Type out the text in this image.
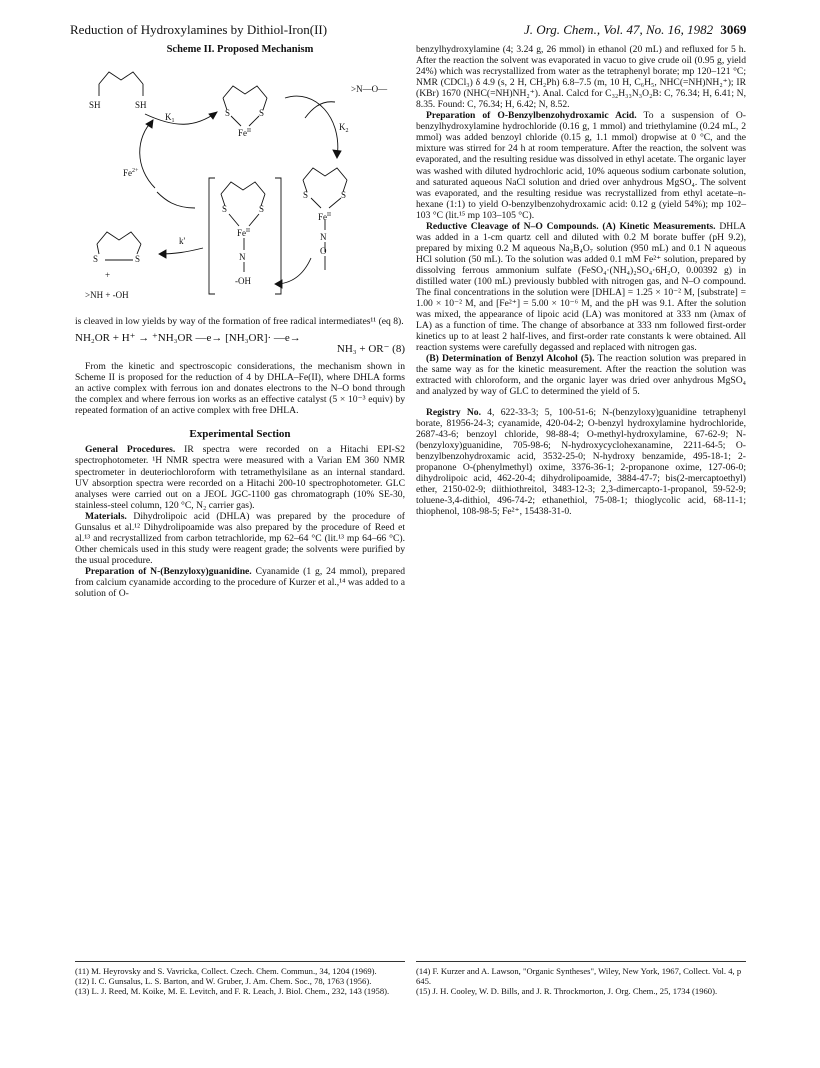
Reduction of Hydroxylamines by Dithiol-Iron(II)	J. Org. Chem., Vol. 47, No. 16, 1982 3069
Scheme II. Proposed Mechanism
SH	SH
$K_1$
S	S
$Fe^{II}$
>N—O—
$K_2$
S	S
$Fe^{II}$
N
O
$Fe^{2+}$
S	S
$Fe^{II}$
N
-OH
k'
S	S
+
>NH + -OH

is cleaved in low yields by way of the formation of free radical intermediates¹¹ (eq 8).

NH₂OR + H⁺ → ⁺NH₃OR —e→ [NH₃OR]· —e→
NH₃ + OR⁻ (8)

From the kinetic and spectroscopic considerations, the mechanism shown in Scheme II is proposed for the reduction of 4 by DHLA–Fe(II), where DHLA forms an active complex with ferrous ion and donates electrons to the N–O bond through the complex and where ferrous ion works as an effective catalyst (5 × 10⁻³ equiv) by repeated formation of an active complex with free DHLA.

Experimental Section

General Procedures. IR spectra were recorded on a Hitachi EPI-S2 spectrophotometer. ¹H NMR spectra were measured with a Varian EM 360 NMR spectrometer in deuteriochloroform with tetramethylsilane as an internal standard. UV absorption spectra were recorded on a Hitachi 200-10 spectrophotometer. GLC analyses were carried out on a JEOL JGC-1100 gas chromatograph (10% SE-30, stainless-steel column, 120 °C, N₂ carrier gas).

Materials. Dihydrolipoic acid (DHLA) was prepared by the procedure of Gunsalus et al.¹² Dihydrolipoamide was also prepared by the procedure of Reed et al.¹³ and recrystallized from carbon tetrachloride, mp 62–64 °C (lit.¹³ mp 64–66 °C). Other chemicals used in this study were reagent grade; the solvents were purified by the usual procedure.

Preparation of N-(Benzyloxy)guanidine. Cyanamide (1 g, 24 mmol), prepared from calcium cyanamide according to the procedure of Kurzer et al.,¹⁴ was added to a solution of O-

(11) M. Heyrovsky and S. Vavricka, Collect. Czech. Chem. Commun., 34, 1204 (1969).
(12) I. C. Gunsalus, L. S. Barton, and W. Gruber, J. Am. Chem. Soc., 78, 1763 (1956).
(13) L. J. Reed, M. Koike, M. E. Levitch, and F. R. Leach, J. Biol. Chem., 232, 143 (1958).

benzylhydroxylamine (4; 3.24 g, 26 mmol) in ethanol (20 mL) and refluxed for 5 h. After the reaction the solvent was evaporated in vacuo to give crude oil (0.95 g, yield 24%) which was recrystallized from water as the tetraphenyl borate; mp 120–121 °C; NMR (CDCl₃) δ 4.9 (s, 2 H, CH₂Ph) 6.8–7.5 (m, 10 H, C₆H₅, NHC(=NH)NH₂⁺); IR (KBr) 1670 (NHC(=NH)NH₂⁺). Anal. Calcd for C₃₂H₃₃N₃O₂B: C, 76.34; H, 6.41; N, 8.35. Found: C, 76.34; H, 6.42; N, 8.52.

Preparation of O-Benzylbenzohydroxamic Acid. To a suspension of O-benzylhydroxylamine hydrochloride (0.16 g, 1 mmol) and triethylamine (0.24 mL, 2 mmol) was added benzoyl chloride (0.15 g, 1.1 mmol) dropwise at 0 °C, and the mixture was stirred for 24 h at room temperature. After the reaction, the solvent was evaporated, and the resulting residue was dissolved in ethyl acetate. The organic layer was washed with diluted hydrochloric acid, 10% aqueous sodium carbonate solution, and saturated aqueous NaCl solution and dried over anhydrous MgSO₄. The solvent was evaporated, and the resulting residue was recrystallized from ethyl acetate–n-hexane (1:1) to yield O-benzylbenzohydroxamic acid: 0.12 g (yield 54%); mp 102–103 °C (lit.¹⁵ mp 103–105 °C).

Reductive Cleavage of N–O Compounds. (A) Kinetic Measurements. DHLA was added in a 1-cm quartz cell and diluted with 0.2 M borate buffer (pH 9.2), prepared by mixing 0.2 M aqueous Na₂B₄O₇ solution (950 mL) and 0.1 N aqueous HCl solution (50 mL). To the solution was added 0.1 mM Fe²⁺ solution, prepared by dissolving ferrous ammonium sulfate (FeSO₄·(NH₄)₂SO₄·6H₂O, 0.00392 g) in distilled water (100 mL) previously bubbled with nitrogen gas, and N–O compound. The final concentrations in the solution were [DHLA] = 1.25 × 10⁻² M, [substrate] = 1.00 × 10⁻² M, and [Fe²⁺] = 5.00 × 10⁻⁶ M, and the pH was 9.1. After the solution was mixed, the appearance of lipoic acid (LA) was monitored at 333 nm (λmax of LA) as a function of time. The change of absorbance at 333 nm followed first-order kinetics up to at least 2 half-lives, and first-order rate constants k were obtained. All reaction systems were carefully degassed and replaced with nitrogen gas.

(B) Determination of Benzyl Alcohol (5). The reaction solution was prepared in the same way as for the kinetic measurement. After the reaction the solution was extracted with chloroform, and the organic layer was dried over anhydrous MgSO₄ and analyzed by way of GLC to determined the yield of 5.

Registry No. 4, 622-33-3; 5, 100-51-6; N-(benzyloxy)guanidine tetraphenyl borate, 81956-24-3; cyanamide, 420-04-2; O-benzyl hydroxylamine hydrochloride, 2687-43-6; benzoyl chloride, 98-88-4; O-methyl-hydroxylamine, 67-62-9; N-(benzyloxy)guanidine, 705-98-6; N-hydroxycyclohexanamine, 2211-64-5; O-benzylbenzohydroxamic acid, 3532-25-0; N-hydroxy benzamide, 495-18-1; 2-propanone O-(phenylmethyl) oxime, 3376-36-1; 2-propanone oxime, 127-06-0; dihydrolipoic acid, 462-20-4; dihydrolipoamide, 3884-47-7; bis(2-mercaptoethyl) ether, 2150-02-9; diithiothreitol, 3483-12-3; 2,3-dimercapto-1-propanol, 59-52-9; toluene-3,4-dithiol, 496-74-2; ethanethiol, 75-08-1; thioglycolic acid, 68-11-1; thiophenol, 108-98-5; Fe²⁺, 15438-31-0.

(14) F. Kurzer and A. Lawson, "Organic Syntheses", Wiley, New York, 1967, Collect. Vol. 4, p 645.
(15) J. H. Cooley, W. D. Bills, and J. R. Throckmorton, J. Org. Chem., 25, 1734 (1960).
